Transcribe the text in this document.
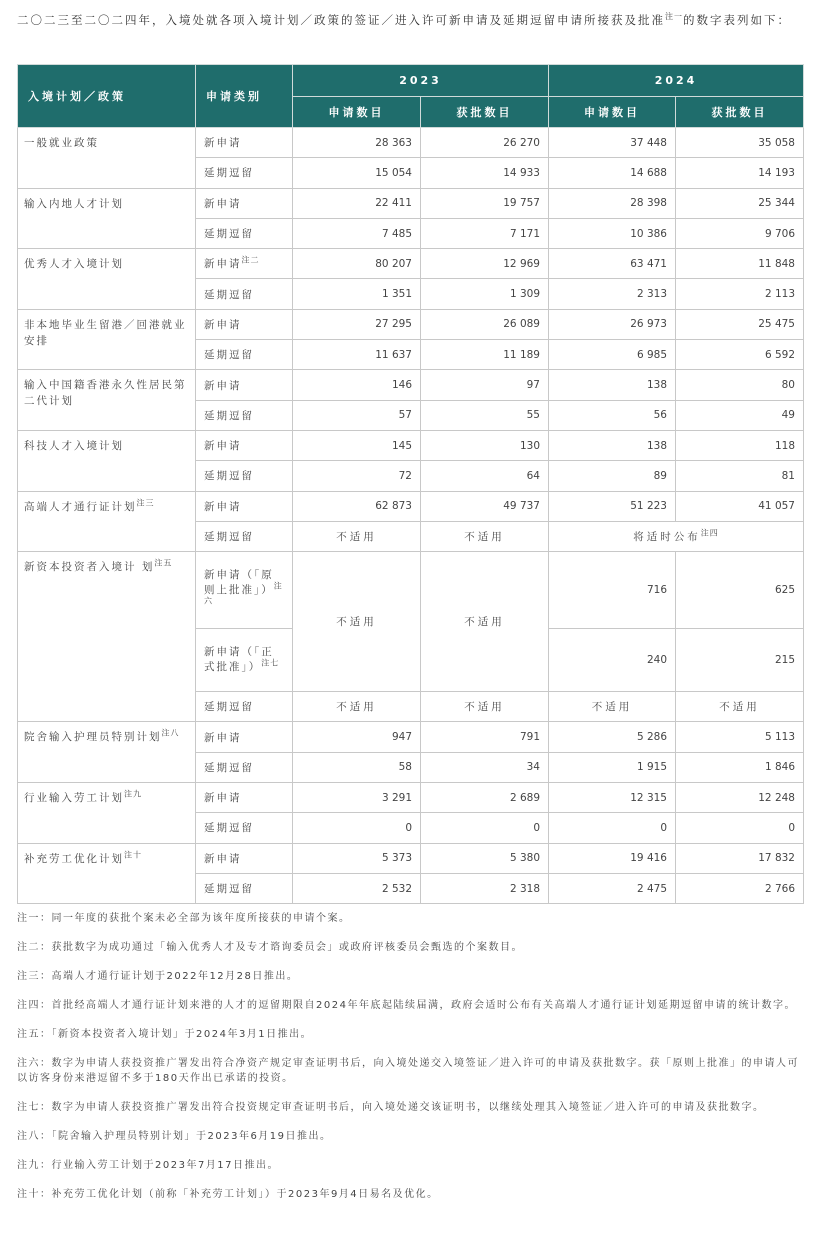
二〇二三至二〇二四年，入境处就各项入境计划／政策的签证／进入许可新申请及延期逗留申请所接获及批准$^{注一}$的数字表列如下：
入境计划／政策	申请类别	2023		2024	
		申请数目	获批数目	申请数目	获批数目
一般就业政策	新申请	28 363	26 270	37 448	35 058
	延期逗留	15 054	14 933	14 688	14 193
输入内地人才计划	新申请	22 411	19 757	28 398	25 344
	延期逗留	7 485	7 171	10 386	9 706
优秀人才入境计划	新申请$^{注二}$	80 207	12 969	63 471	11 848
	延期逗留	1 351	1 309	2 313	2 113
非本地毕业生留港／回港就业安排	新申请	27 295	26 089	26 973	25 475
	延期逗留	11 637	11 189	6 985	6 592
输入中国籍香港永久性居民第二代计划	新申请	146	97	138	80
	延期逗留	57	55	56	49
科技人才入境计划	新申请	145	130	138	118
	延期逗留	72	64	89	81
高端人才通行证计划$^{注三}$	新申请	62 873	49 737	51 223	41 057
	延期逗留	不适用	不适用	将适时公布$^{注四}$
新资本投资者入境计 划$^{注五}$	新申请（「原则上批准」）$^{注六}$	不适用	不适用	716	625
	新申请（「正式批准」）$^{注七}$			240	215
	延期逗留	不适用	不适用	不适用	不适用
院舍输入护理员特别计划$^{注八}$	新申请	947	791	5 286	5 113
	延期逗留	58	34	1 915	1 846
行业输入劳工计划$^{注九}$	新申请	3 291	2 689	12 315	12 248
	延期逗留	0	0	0	0
补充劳工优化计划$^{注十}$	新申请	5 373	5 380	19 416	17 832
	延期逗留	2 532	2 318	2 475	2 766

注一：同一年度的获批个案未必全部为该年度所接获的申请个案。

注二：获批数字为成功通过「输入优秀人才及专才谘询委员会」或政府评核委员会甄选的个案数目。

注三：高端人才通行证计划于2022年12月28日推出。

注四：首批经高端人才通行证计划来港的人才的逗留期限自2024年年底起陆续届满，政府会适时公布有关高端人才通行证计划延期逗留申请的统计数字。

注五：「新资本投资者入境计划」于2024年3月1日推出。

注六：数字为申请人获投资推广署发出符合净资产规定审查证明书后，向入境处递交入境签证／进入许可的申请及获批数字。获「原则上批准」的申请人可以访客身份来港逗留不多于180天作出已承诺的投资。

注七：数字为申请人获投资推广署发出符合投资规定审查证明书后，向入境处递交该证明书，以继续处理其入境签证／进入许可的申请及获批数字。

注八：「院舍输入护理员特别计划」于2023年6月19日推出。

注九：行业输入劳工计划于2023年7月17日推出。

注十：补充劳工优化计划（前称「补充劳工计划」）于2023年9月4日易名及优化。
